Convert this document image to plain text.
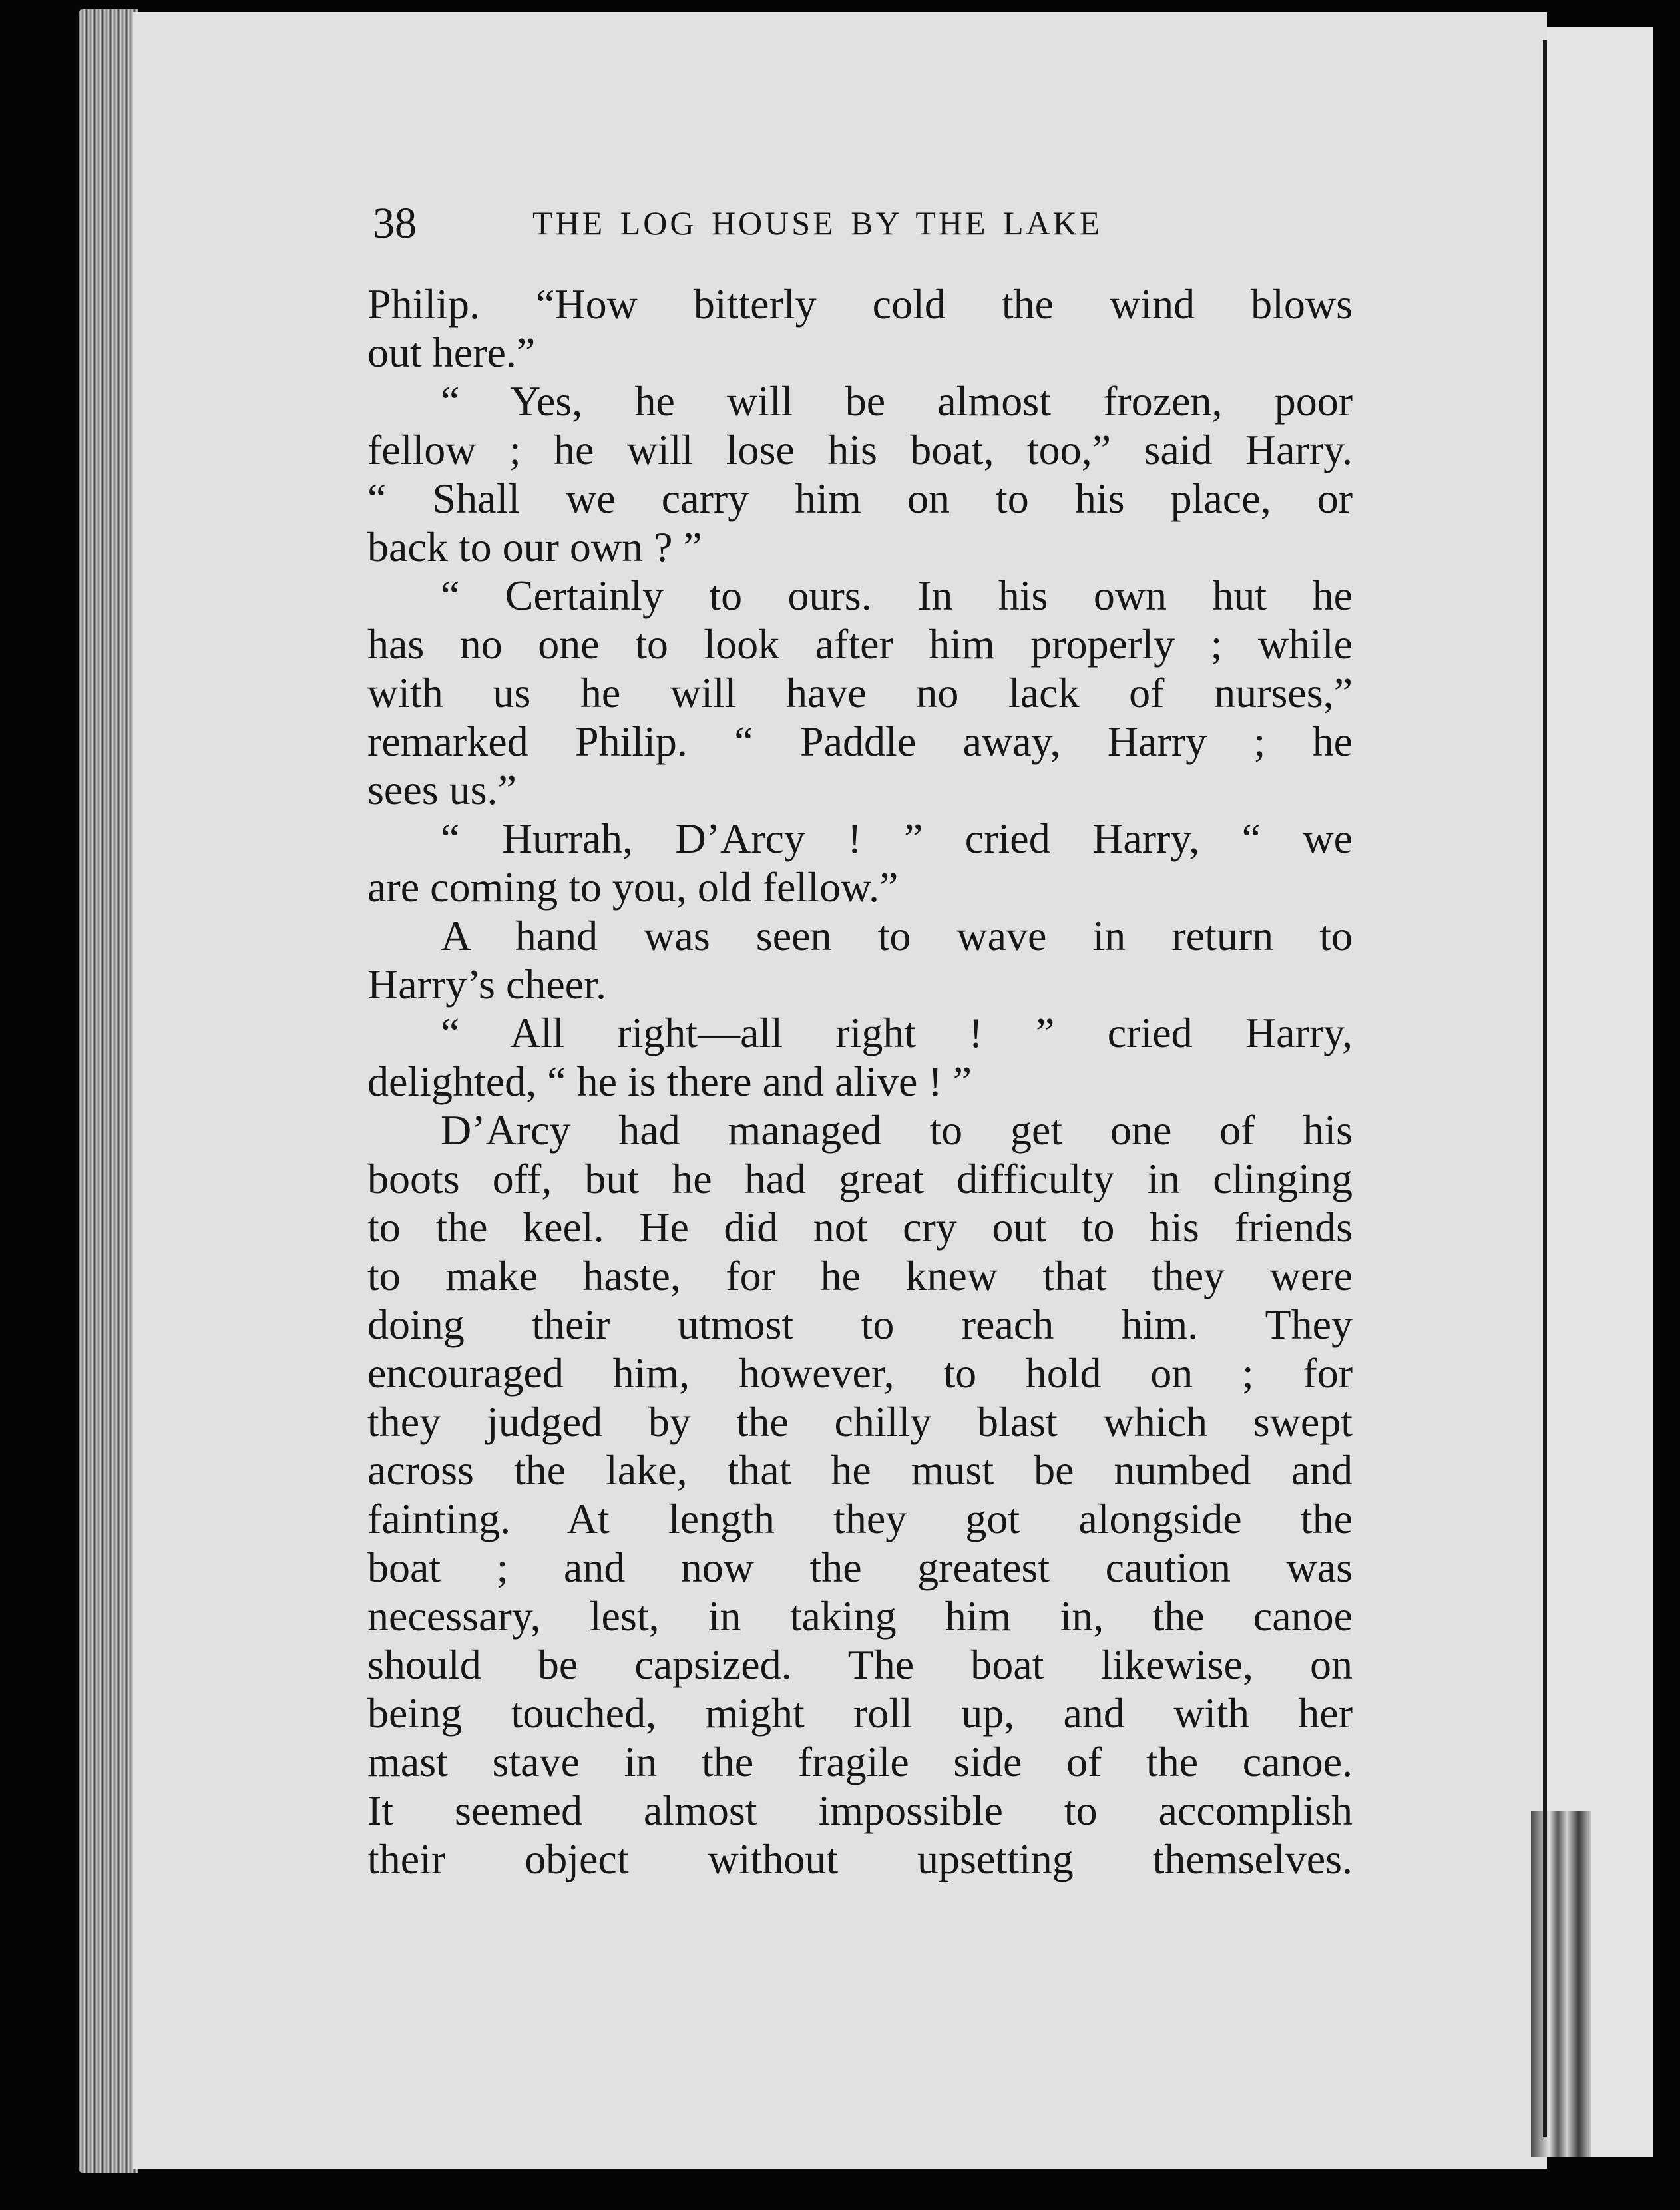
38	THE LOG HOUSE BY THE LAKE
Philip. “How bitterly cold the wind blows
out here.”
“ Yes, he will be almost frozen, poor
fellow ; he will lose his boat, too,” said Harry.
“ Shall we carry him on to his place, or
back to our own ? ”
“ Certainly to ours. In his own hut he
has no one to look after him properly ; while
with us he will have no lack of nurses,”
remarked Philip. “ Paddle away, Harry ; he
sees us.”
“ Hurrah, D’Arcy ! ” cried Harry, “ we
are coming to you, old fellow.”
A hand was seen to wave in return to
Harry’s cheer.
“ All right—all right ! ” cried Harry,
delighted, “ he is there and alive ! ”
D’Arcy had managed to get one of his
boots off, but he had great difficulty in clinging
to the keel. He did not cry out to his friends
to make haste, for he knew that they were
doing their utmost to reach him. They
encouraged him, however, to hold on ; for
they judged by the chilly blast which swept
across the lake, that he must be numbed and
fainting. At length they got alongside the
boat ; and now the greatest caution was
necessary, lest, in taking him in, the canoe
should be capsized. The boat likewise, on
being touched, might roll up, and with her
mast stave in the fragile side of the canoe.
It seemed almost impossible to accomplish
their object without upsetting themselves.
